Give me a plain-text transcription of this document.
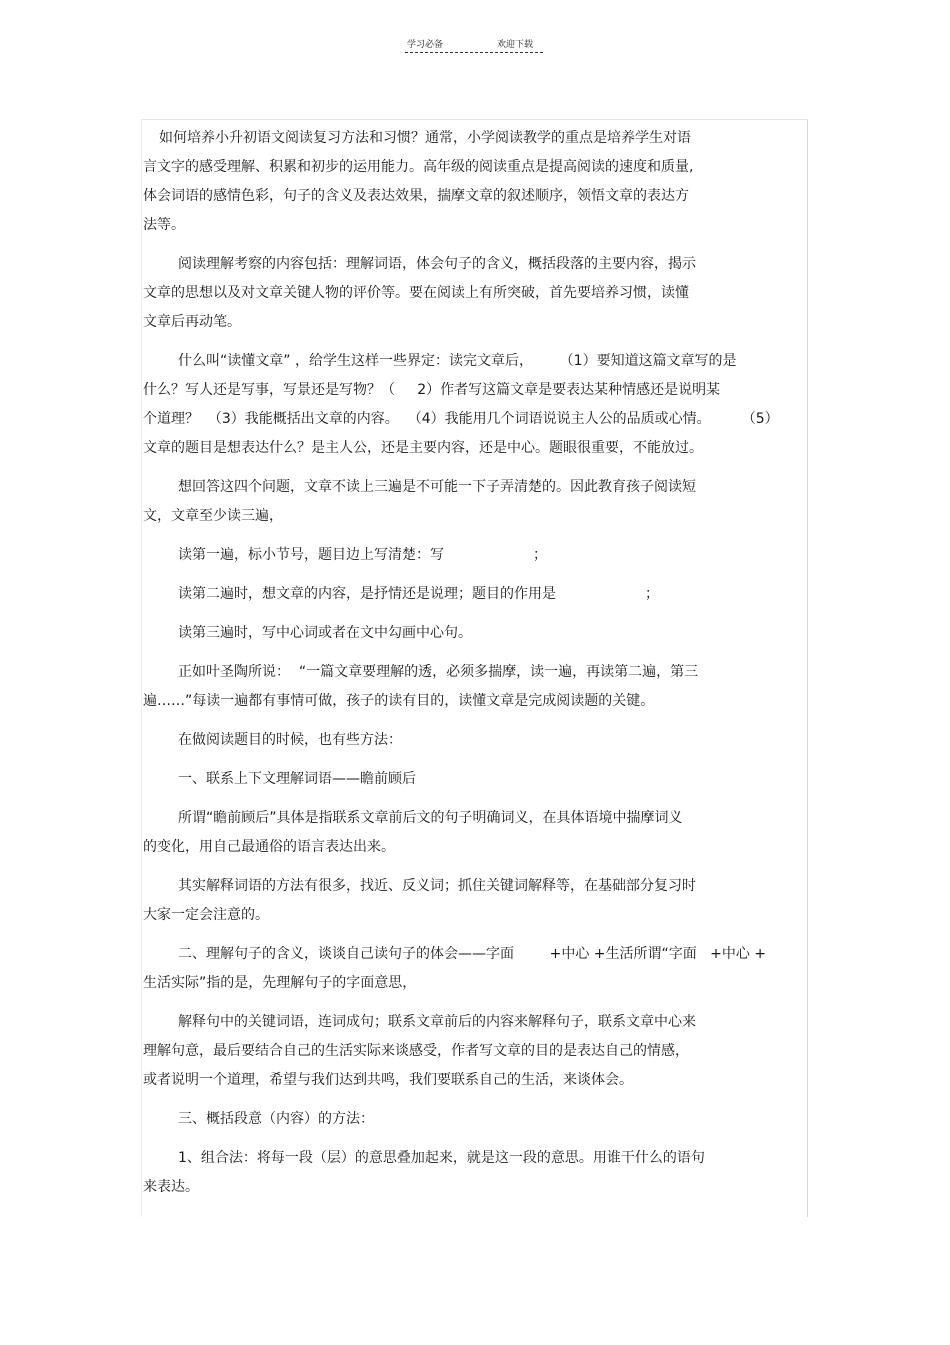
学习必备	欢迎下载

如何培养小升初语文阅读复习方法和习惯？通常，小学阅读教学的重点是培养学生对语
言文字的感受理解、积累和初步的运用能力。高年级的阅读重点是提高阅读的速度和质量,
体会词语的感情色彩，句子的含义及表达效果，揣摩文章的叙述顺序，领悟文章的表达方
法等。

阅读理解考察的内容包括：理解词语，体会句子的含义，概括段落的主要内容，揭示
文章的思想以及对文章关键人物的评价等。要在阅读上有所突破，首先要培养习惯，读懂
文章后再动笔。

什么叫“读懂文章” ，给学生这样一些界定：读完文章后，      （1）要知道这篇文章写的是
什么？写人还是写事，写景还是写物？（     2）作者写这篇文章是要表达某种情感还是说明某
个道理？  （3）我能概括出文章的内容。  （4）我能用几个词语说说主人公的品质或心情。       （5）
文章的题目是想表达什么？是主人公，还是主要内容，还是中心。题眼很重要，不能放过。

想回答这四个问题，文章不读上三遍是不可能一下子弄清楚的。因此教育孩子阅读短
文，文章至少读三遍，

读第一遍，标小节号，题目边上写清楚：写                    ；

读第二遍时，想文章的内容，是抒情还是说理；题目的作用是                    ；

读第三遍时，写中心词或者在文中勾画中心句。

正如叶圣陶所说：  “一篇文章要理解的透，必须多揣摩，读一遍，再读第二遍，第三
遍……”每读一遍都有事情可做，孩子的读有目的，读懂文章是完成阅读题的关键。

在做阅读题目的时候，也有些方法：

一、联系上下文理解词语——瞻前顾后

所谓“瞻前顾后”具体是指联系文章前后文的句子明确词义，在具体语境中揣摩词义
的变化，用自己最通俗的语言表达出来。

其实解释词语的方法有很多，找近、反义词；抓住关键词解释等，在基础部分复习时
大家一定会注意的。

二、理解句子的含义，谈谈自己读句子的体会——字面        +中心 +生活所谓“字面   +中心 +
生活实际”指的是，先理解句子的字面意思，

解释句中的关键词语，连词成句；联系文章前后的内容来解释句子，联系文章中心来
理解句意，最后要结合自己的生活实际来谈感受，作者写文章的目的是表达自己的情感，
或者说明一个道理，希望与我们达到共鸣，我们要联系自己的生活，来谈体会。

三、概括段意（内容）的方法：

1、组合法：将每一段（层）的意思叠加起来，就是这一段的意思。用谁干什么的语句
来表达。
